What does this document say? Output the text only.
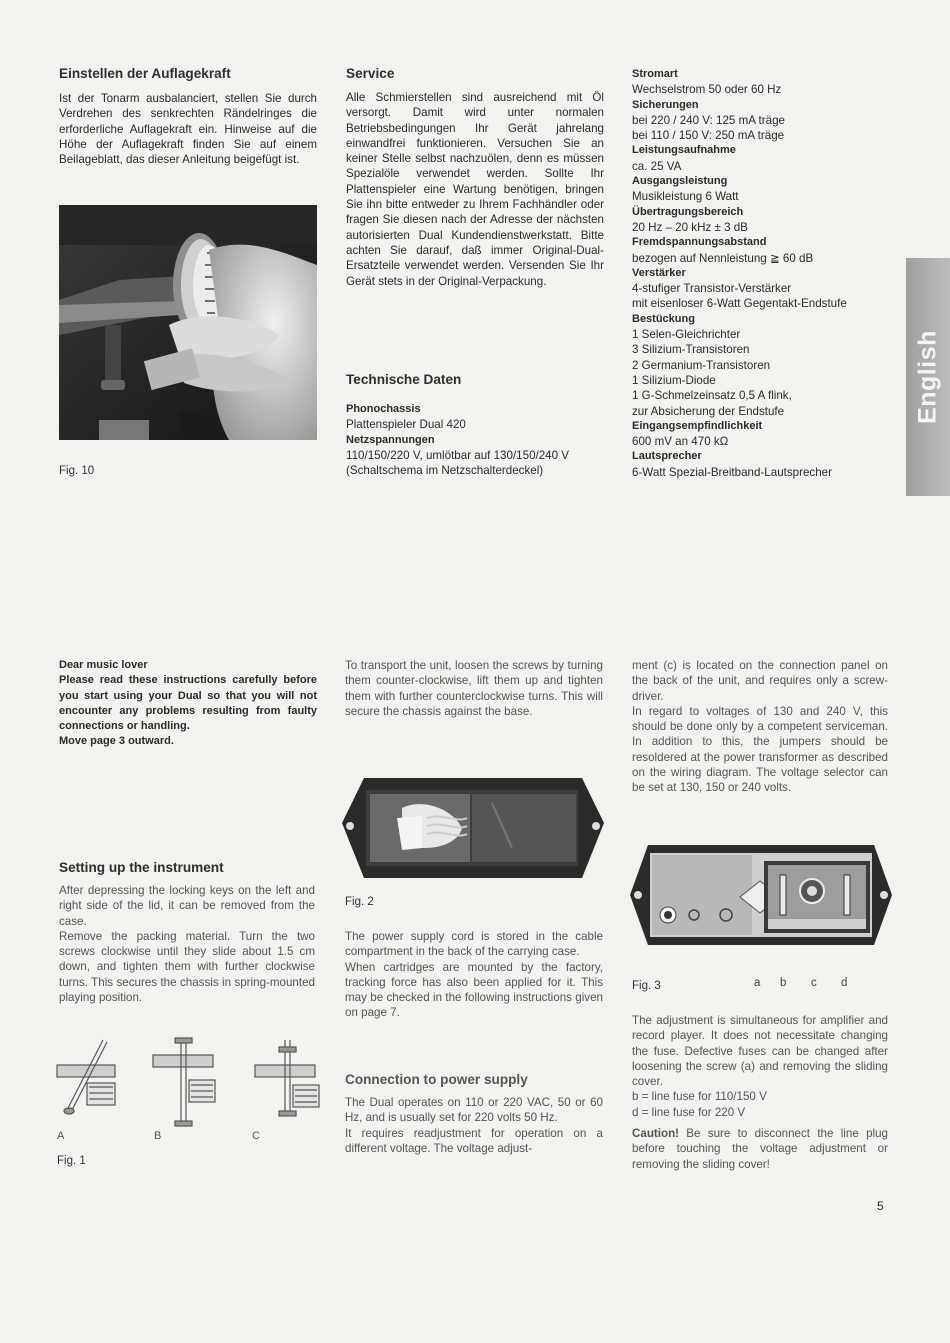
Einstellen der Auflagekraft

Ist der Tonarm ausbalanciert, stellen Sie durch Verdrehen des senkrechten Rändelringes die erforderliche Auflagekraft ein. Hinweise auf die Höhe der Auflagekraft finden Sie auf einem Beilageblatt, das dieser Anleitung beigefügt ist.

Fig. 10
Service

Alle Schmierstellen sind ausreichend mit Öl versorgt. Damit wird unter normalen Betriebsbedingungen Ihr Gerät jahrelang einwandfrei funktionieren. Versuchen Sie an keiner Stelle selbst nachzuölen, denn es müssen Spezialöle verwendet werden. Sollte Ihr Plattenspieler eine Wartung benötigen, bringen Sie ihn bitte entweder zu Ihrem Fachhändler oder fragen Sie diesen nach der Adresse der nächsten autorisierten Dual Kundendienstwerkstatt. Bitte achten Sie darauf, daß immer Original-Dual-Ersatzteile verwendet werden. Versenden Sie Ihr Gerät stets in der Original-Verpackung.

Technische Daten
Phonochassis
Plattenspieler Dual 420
Netzspannungen
110/150/220 V, umlötbar auf 130/150/240 V
(Schaltschema im Netzschalterdeckel)
Stromart
Wechselstrom 50 oder 60 Hz
Sicherungen
bei 220 / 240 V: 125 mA träge
bei 110 / 150 V: 250 mA träge
Leistungsaufnahme
ca. 25 VA
Ausgangsleistung
Musikleistung 6 Watt
Übertragungsbereich
20 Hz – 20 kHz ± 3 dB
Fremdspannungsabstand
bezogen auf Nennleistung ≧ 60 dB
Verstärker
4-stufiger Transistor-Verstärker
mit eisenloser 6-Watt Gegentakt-Endstufe
Bestückung
1 Selen-Gleichrichter
3 Silizium-Transistoren
2 Germanium-Transistoren
1 Silizium-Diode
1 G-Schmelzeinsatz 0,5 A flink,
zur Absicherung der Endstufe
Eingangsempfindlichkeit
600 mV an 470 kΩ
Lautsprecher
6-Watt Spezial-Breitband-Lautsprecher
English

Dear music lover

Please read these instructions carefully before you start using your Dual so that you will not encounter any problems resulting from faulty connections or handling.

Move page 3 outward.

Setting up the instrument

After depressing the locking keys on the left and right side of the lid, it can be removed from the case.

Remove the packing material. Turn the two screws clockwise until they slide about 1.5 cm down, and tighten them with further clockwise turns. This secures the chassis in spring-mounted playing position.

A	B	C
Fig. 1

To transport the unit, loosen the screws by turning them counter-clockwise, lift them up and tighten them with further counterclockwise turns. This will secure the chassis against the base.

Fig. 2

The power supply cord is stored in the cable compartment in the back of the carrying case.

When cartridges are mounted by the factory, tracking force has also been applied for it. This may be checked in the following instructions given on page 7.

Connection to power supply

The Dual operates on 110 or 220 VAC, 50 or 60 Hz, and is usually set for 220 volts 50 Hz.

It requires readjustment for operation on a different voltage. The voltage adjust-

ment (c) is located on the connection panel on the back of the unit, and requires only a screw-driver.

In regard to voltages of 130 and 240 V, this should be done only by a competent serviceman. In addition to this, the jumpers should be resoldered at the power transformer as described on the wiring diagram. The voltage selector can be set at 130, 150 or 240 volts.

Fig. 3	a b c d

The adjustment is simultaneous for amplifier and record player. It does not necessitate changing the fuse. Defective fuses can be changed after loosening the screw (a) and removing the sliding cover.

b = line fuse for 110/150 V

d = line fuse for 220 V

Caution! Be sure to disconnect the line plug before touching the voltage adjustment or removing the sliding cover!

5
